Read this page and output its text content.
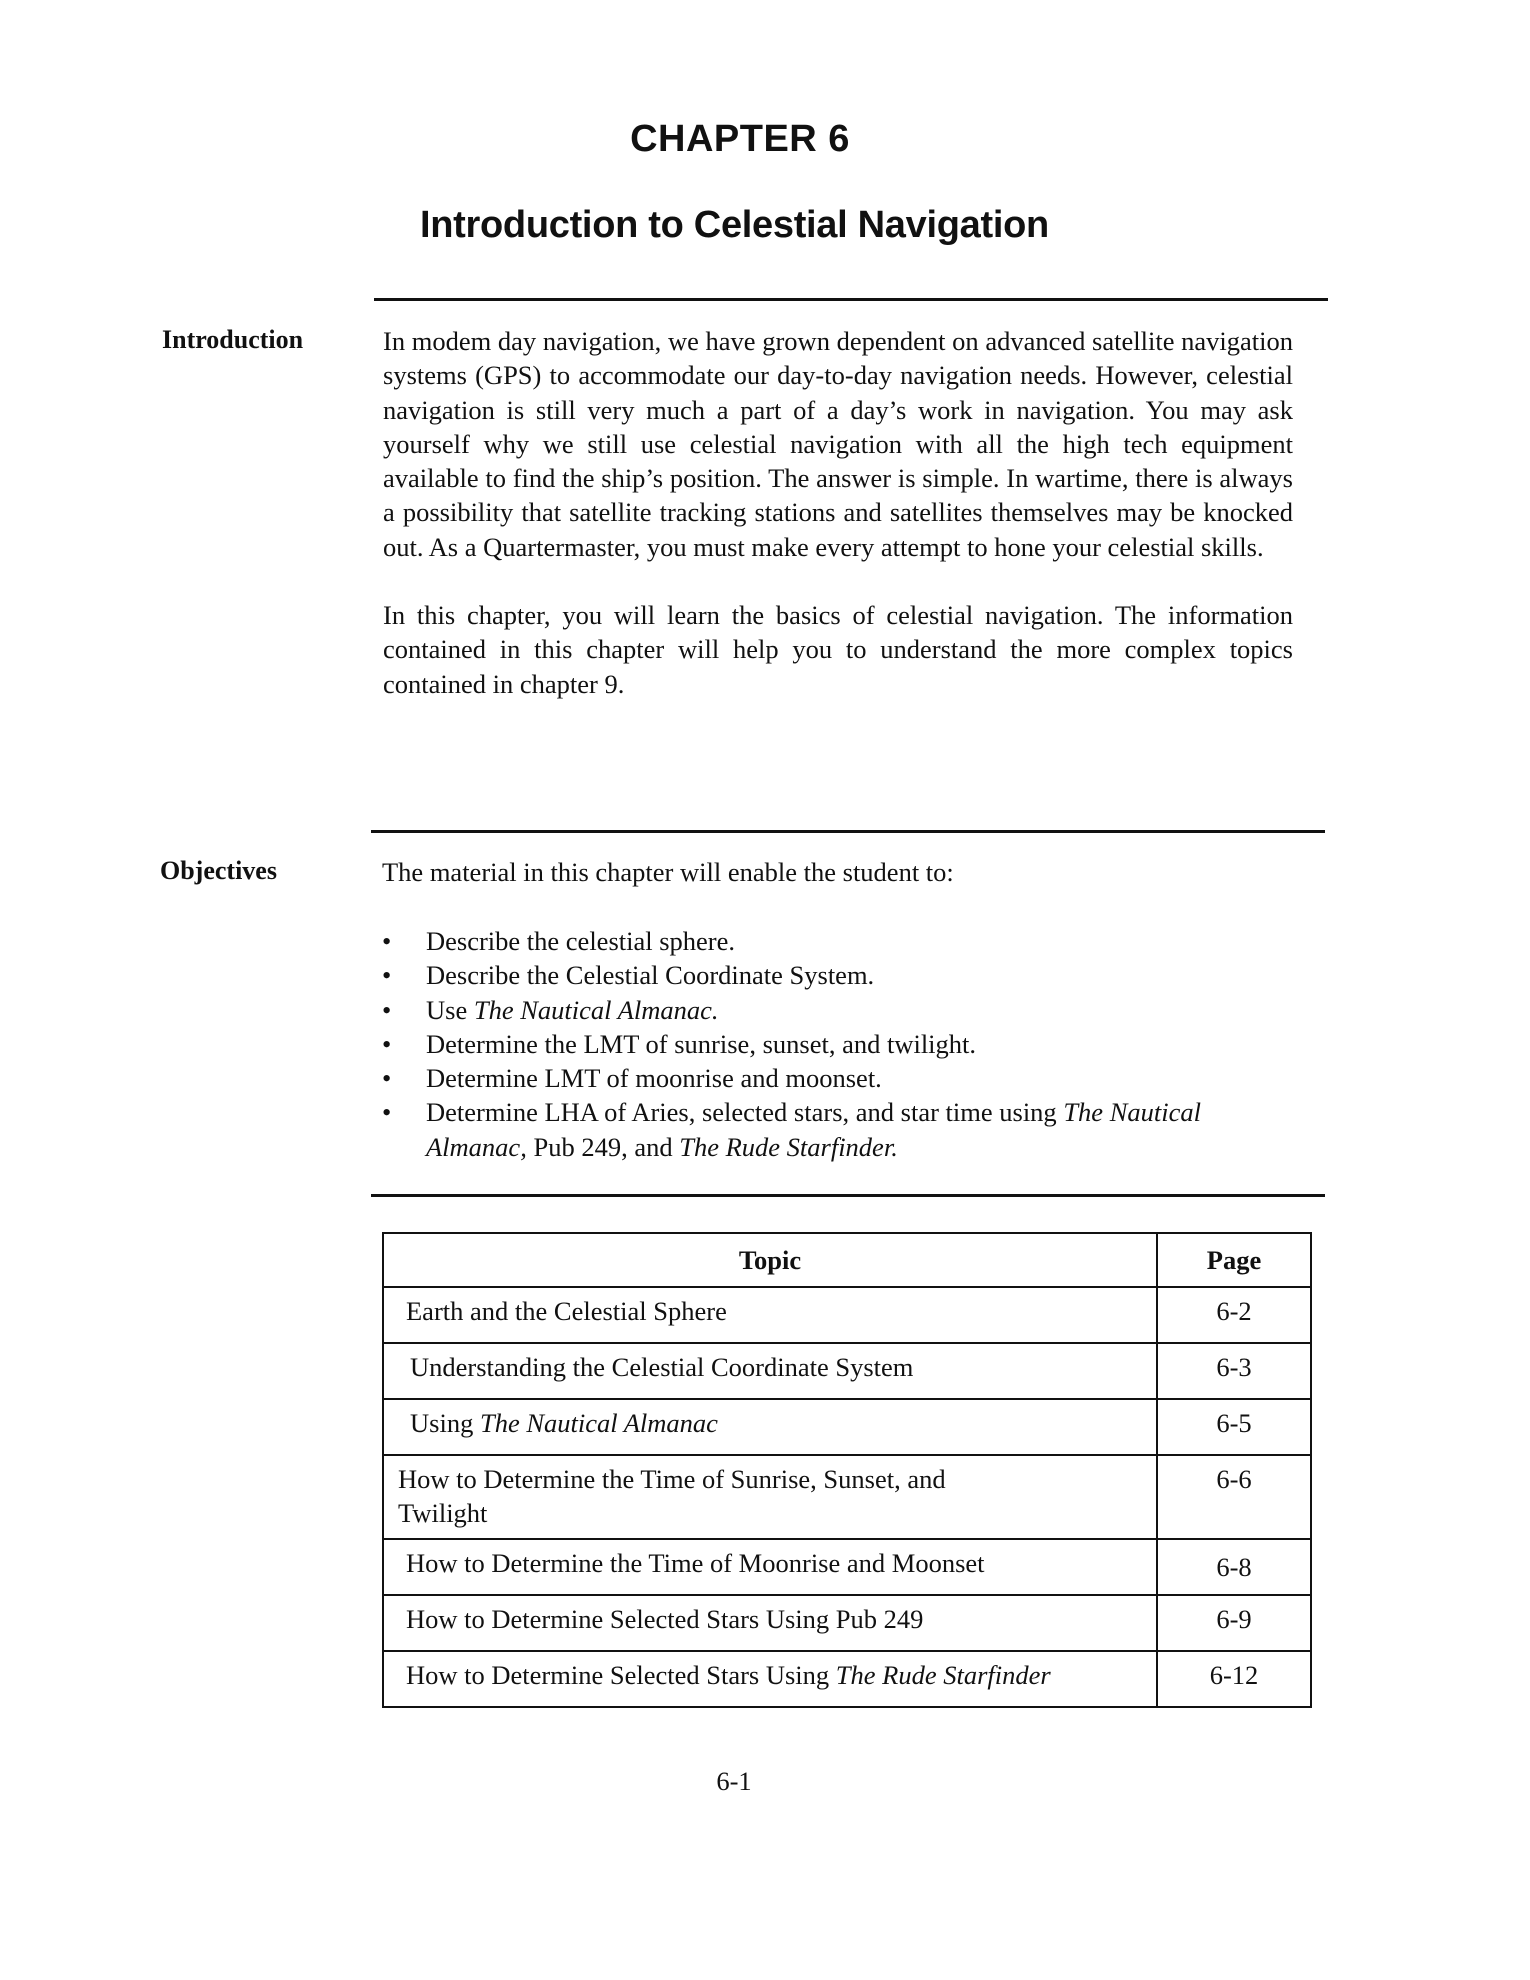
CHAPTER 6
Introduction to Celestial Navigation
Introduction	In modem day navigation, we have grown dependent on advanced satellite navigation systems (GPS) to accommodate our day-to-day navigation needs. However, celestial navigation is still very much a part of a day’s work in navigation. You may ask yourself why we still use celestial navigation with all the high tech equipment available to find the ship’s position. The answer is simple. In wartime, there is always a possibility that satellite tracking stations and satellites themselves may be knocked out. As a Quartermaster, you must make every attempt to hone your celestial skills.

In this chapter, you will learn the basics of celestial navigation. The information contained in this chapter will help you to understand the more complex topics contained in chapter 9.

Objectives	The material in this chapter will enable the student to:
• Describe the celestial sphere.
• Describe the Celestial Coordinate System.
• Use The Nautical Almanac.
• Determine the LMT of sunrise, sunset, and twilight.
• Determine LMT of moonrise and moonset.
• Determine LHA of Aries, selected stars, and star time using The Nautical Almanac, Pub 249, and The Rude Starfinder.
Topic	Page
Earth and the Celestial Sphere	6-2
Understanding the Celestial Coordinate System	6-3
Using The Nautical Almanac	6-5
How to Determine the Time of Sunrise, Sunset, and Twilight	6-6
How to Determine the Time of Moonrise and Moonset	6-8
How to Determine Selected Stars Using Pub 249	6-9
How to Determine Selected Stars Using The Rude Starfinder	6-12
6-1
